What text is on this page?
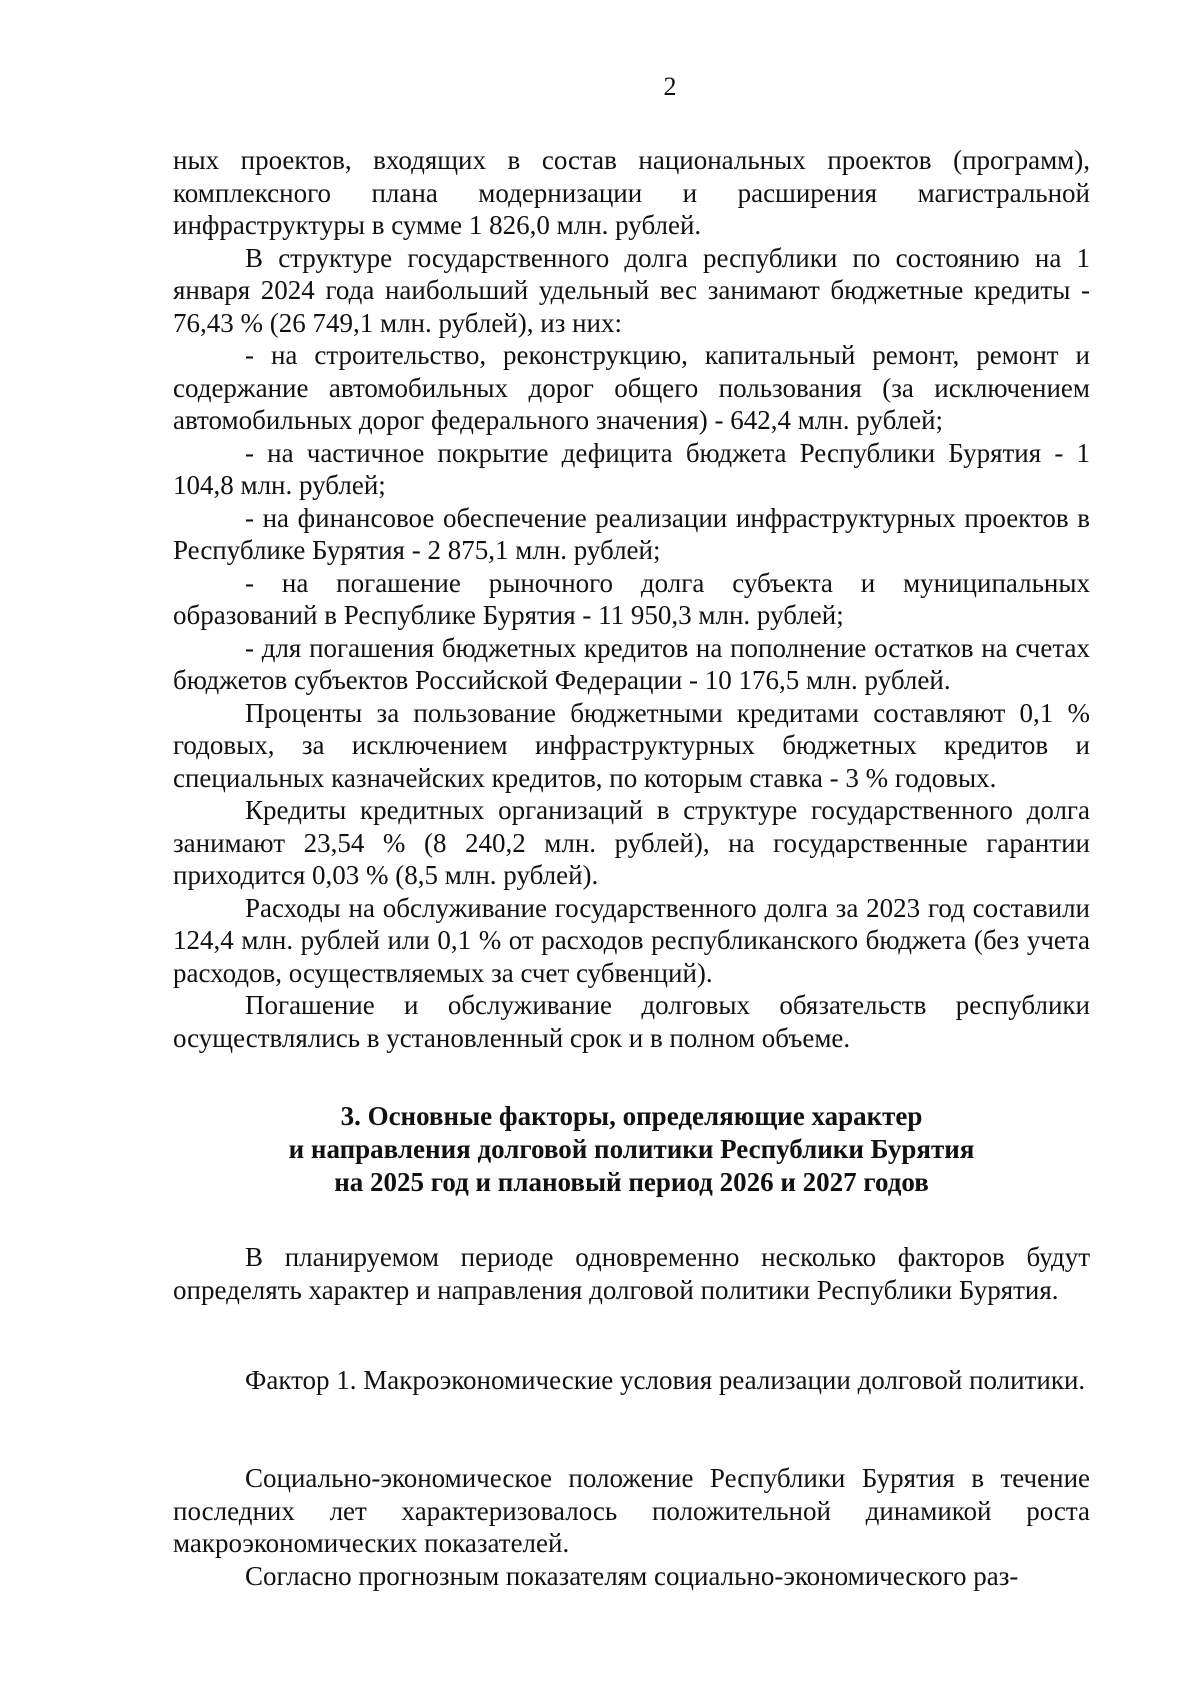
2

ных проектов, входящих в состав национальных проектов (программ), комплексного плана модернизации и расширения магистральной инфраструктуры в сумме 1 826,0 млн. рублей.

В структуре государственного долга республики по состоянию на 1 января 2024 года наибольший удельный вес занимают бюджетные кредиты - 76,43 % (26 749,1 млн. рублей), из них:

- на строительство, реконструкцию, капитальный ремонт, ремонт и содержание автомобильных дорог общего пользования (за исключением автомобильных дорог федерального значения) - 642,4 млн. рублей;

- на частичное покрытие дефицита бюджета Республики Бурятия - 1 104,8 млн. рублей;

- на финансовое обеспечение реализации инфраструктурных проектов в Республике Бурятия - 2 875,1 млн. рублей;

- на погашение рыночного долга субъекта и муниципальных образований в Республике Бурятия - 11 950,3 млн. рублей;

- для погашения бюджетных кредитов на пополнение остатков на счетах бюджетов субъектов Российской Федерации - 10 176,5 млн. рублей.

Проценты за пользование бюджетными кредитами составляют 0,1 % годовых, за исключением инфраструктурных бюджетных кредитов и специальных казначейских кредитов, по которым ставка - 3 % годовых.

Кредиты кредитных организаций в структуре государственного долга занимают 23,54 % (8 240,2 млн. рублей), на государственные гарантии приходится 0,03 % (8,5 млн. рублей).

Расходы на обслуживание государственного долга за 2023 год составили 124,4 млн. рублей или 0,1 % от расходов республиканского бюджета (без учета расходов, осуществляемых за счет субвенций).

Погашение и обслуживание долговых обязательств республики осуществлялись в установленный срок и в полном объеме.

3. Основные факторы, определяющие характер
и направления долговой политики Республики Бурятия
на 2025 год и плановый период 2026 и 2027 годов

В планируемом периоде одновременно несколько факторов будут определять характер и направления долговой политики Республики Бурятия.

Фактор 1. Макроэкономические условия реализации долговой политики.

Социально-экономическое положение Республики Бурятия в течение последних лет характеризовалось положительной динамикой роста макроэкономических показателей.

Согласно прогнозным показателям социально-экономического раз-
